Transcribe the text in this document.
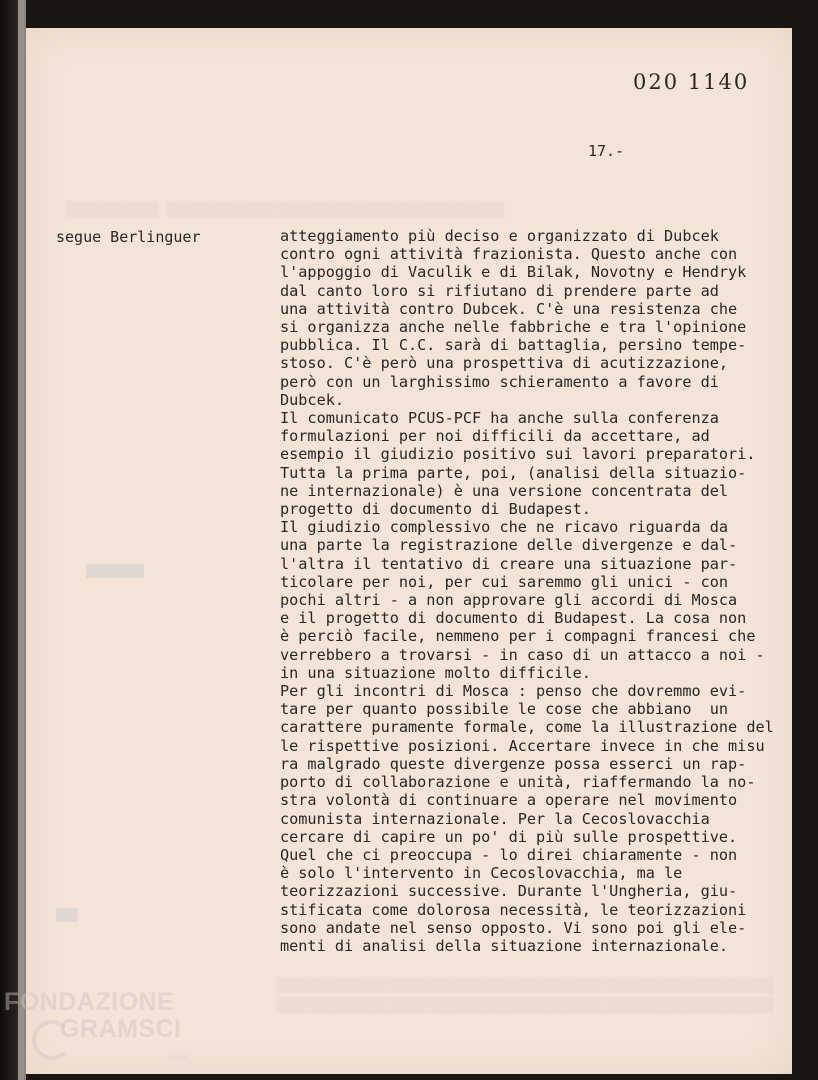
▒▒▒▒▒▒▒▒▒▒▒ ▒▒▒▒▒▒▒▒▒▒▒▒▒▒▒▒▒▒▒▒▒▒▒▒▒▒▒▒▒▒▒▒▒▒▒▒▒▒▒▒
▒▒▒▒▒▒▒▒
▒▒▒
▒▒▒▒▒▒▒▒▒▒▒▒▒▒▒▒▒▒▒▒▒▒▒▒▒▒▒▒▒▒▒▒▒▒▒▒▒▒▒▒▒▒▒▒▒▒▒▒▒▒▒▒▒▒▒▒▒▒▒
▒▒▒▒▒▒▒▒▒▒▒▒▒▒▒▒▒▒▒▒▒▒▒▒▒▒▒▒▒▒▒▒▒▒▒▒▒▒▒▒▒▒▒▒▒▒▒▒▒▒▒▒▒▒▒▒▒▒▒
020 1140
17.-
segue Berlinguer	atteggiamento più deciso e organizzato di Dubcek
contro ogni attività frazionista. Questo anche con
l'appoggio di Vaculik e di Bilak, Novotny e Hendryk
dal canto loro si rifiutano di prendere parte ad
una attività contro Dubcek. C'è una resistenza che
si organizza anche nelle fabbriche e tra l'opinione
pubblica. Il C.C. sarà di battaglia, persino tempe-
stoso. C'è però una prospettiva di acutizzazione,
però con un larghissimo schieramento a favore di
Dubcek.
Il comunicato PCUS-PCF ha anche sulla conferenza
formulazioni per noi difficili da accettare, ad
esempio il giudizio positivo sui lavori preparatori.
Tutta la prima parte, poi, (analisi della situazio-
ne internazionale) è una versione concentrata del
progetto di documento di Budapest.
Il giudizio complessivo che ne ricavo riguarda da
una parte la registrazione delle divergenze e dal-
l'altra il tentativo di creare una situazione par-
ticolare per noi, per cui saremmo gli unici - con
pochi altri - a non approvare gli accordi di Mosca
e il progetto di documento di Budapest. La cosa non
è perciò facile, nemmeno per i compagni francesi che
verrebbero a trovarsi - in caso di un attacco a noi -
in una situazione molto difficile.
Per gli incontri di Mosca : penso che dovremmo evi-
tare per quanto possibile le cose che abbiano  un
carattere puramente formale, come la illustrazione del
le rispettive posizioni. Accertare invece in che misu
ra malgrado queste divergenze possa esserci un rap-
porto di collaborazione e unità, riaffermando la no-
stra volontà di continuare a operare nel movimento
comunista internazionale. Per la Cecoslovacchia
cercare di capire un po' di più sulle prospettive.
Quel che ci preoccupa - lo direi chiaramente - non
è solo l'intervento in Cecoslovacchia, ma le
teorizzazioni successive. Durante l'Ungheria, giu-
stificata come dolorosa necessità, le teorizzazioni
sono andate nel senso opposto. Vi sono poi gli ele-
menti di analisi della situazione internazionale.
FONDAZIONE
GRAMSCI
onlus
